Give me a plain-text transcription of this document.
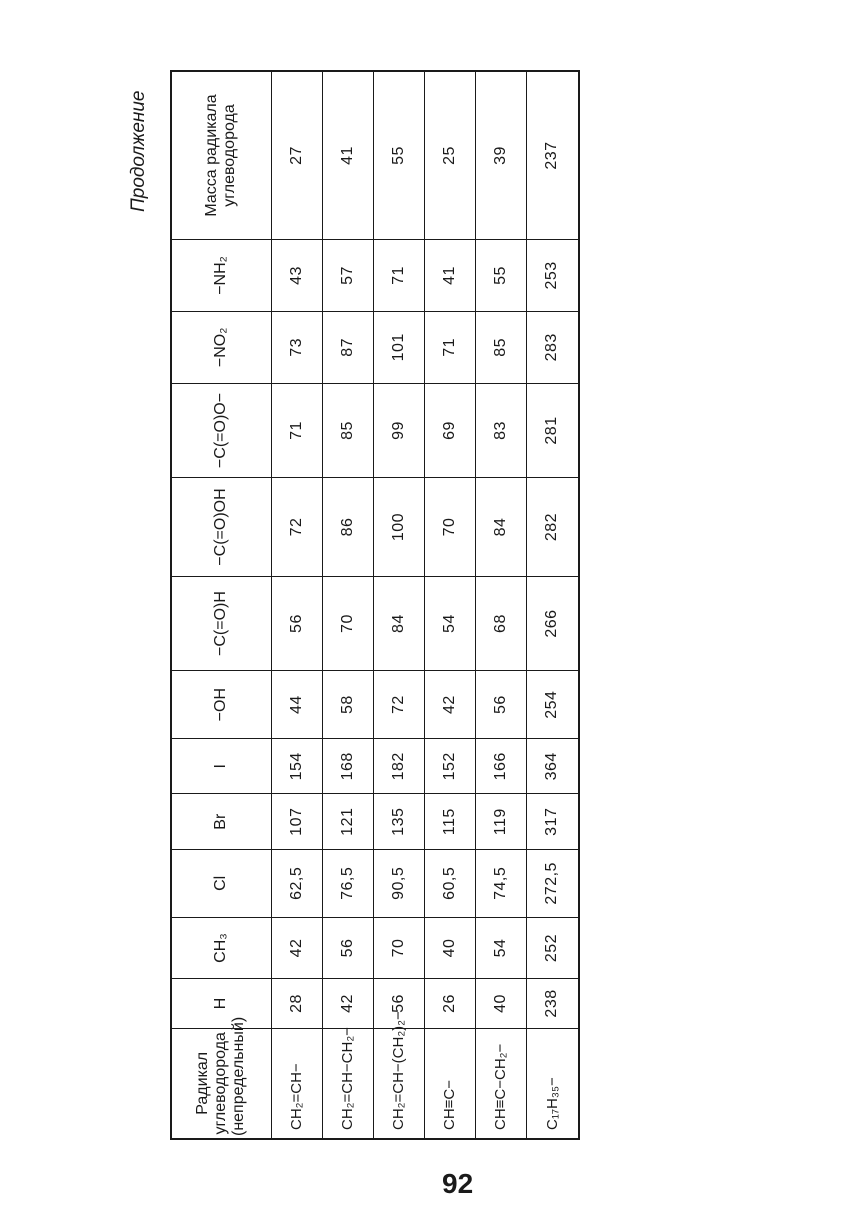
Продолжение
Радикал углеводорода (непредельный)	H	CH₃	Cl	Br	I	−OH	−C(=O)H	−C(=O)OH	−C(=O)O−	−NO₂	−NH₂	Масса радикала углеводорода
CH₂=CH−	28	42	62,5	107	154	44	56	72	71	73	43	27
CH₂=CH−CH₂−	42	56	76,5	121	168	58	70	86	85	87	57	41
CH₂=CH−(CH₂)₂−	56	70	90,5	135	182	72	84	100	99	101	71	55
CH≡C−	26	40	60,5	115	152	42	54	70	69	71	41	25
CH≡C−CH₂−	40	54	74,5	119	166	56	68	84	83	85	55	39
C₁₇H₃₅−	238	252	272,5	317	364	254	266	282	281	283	253	237
92
